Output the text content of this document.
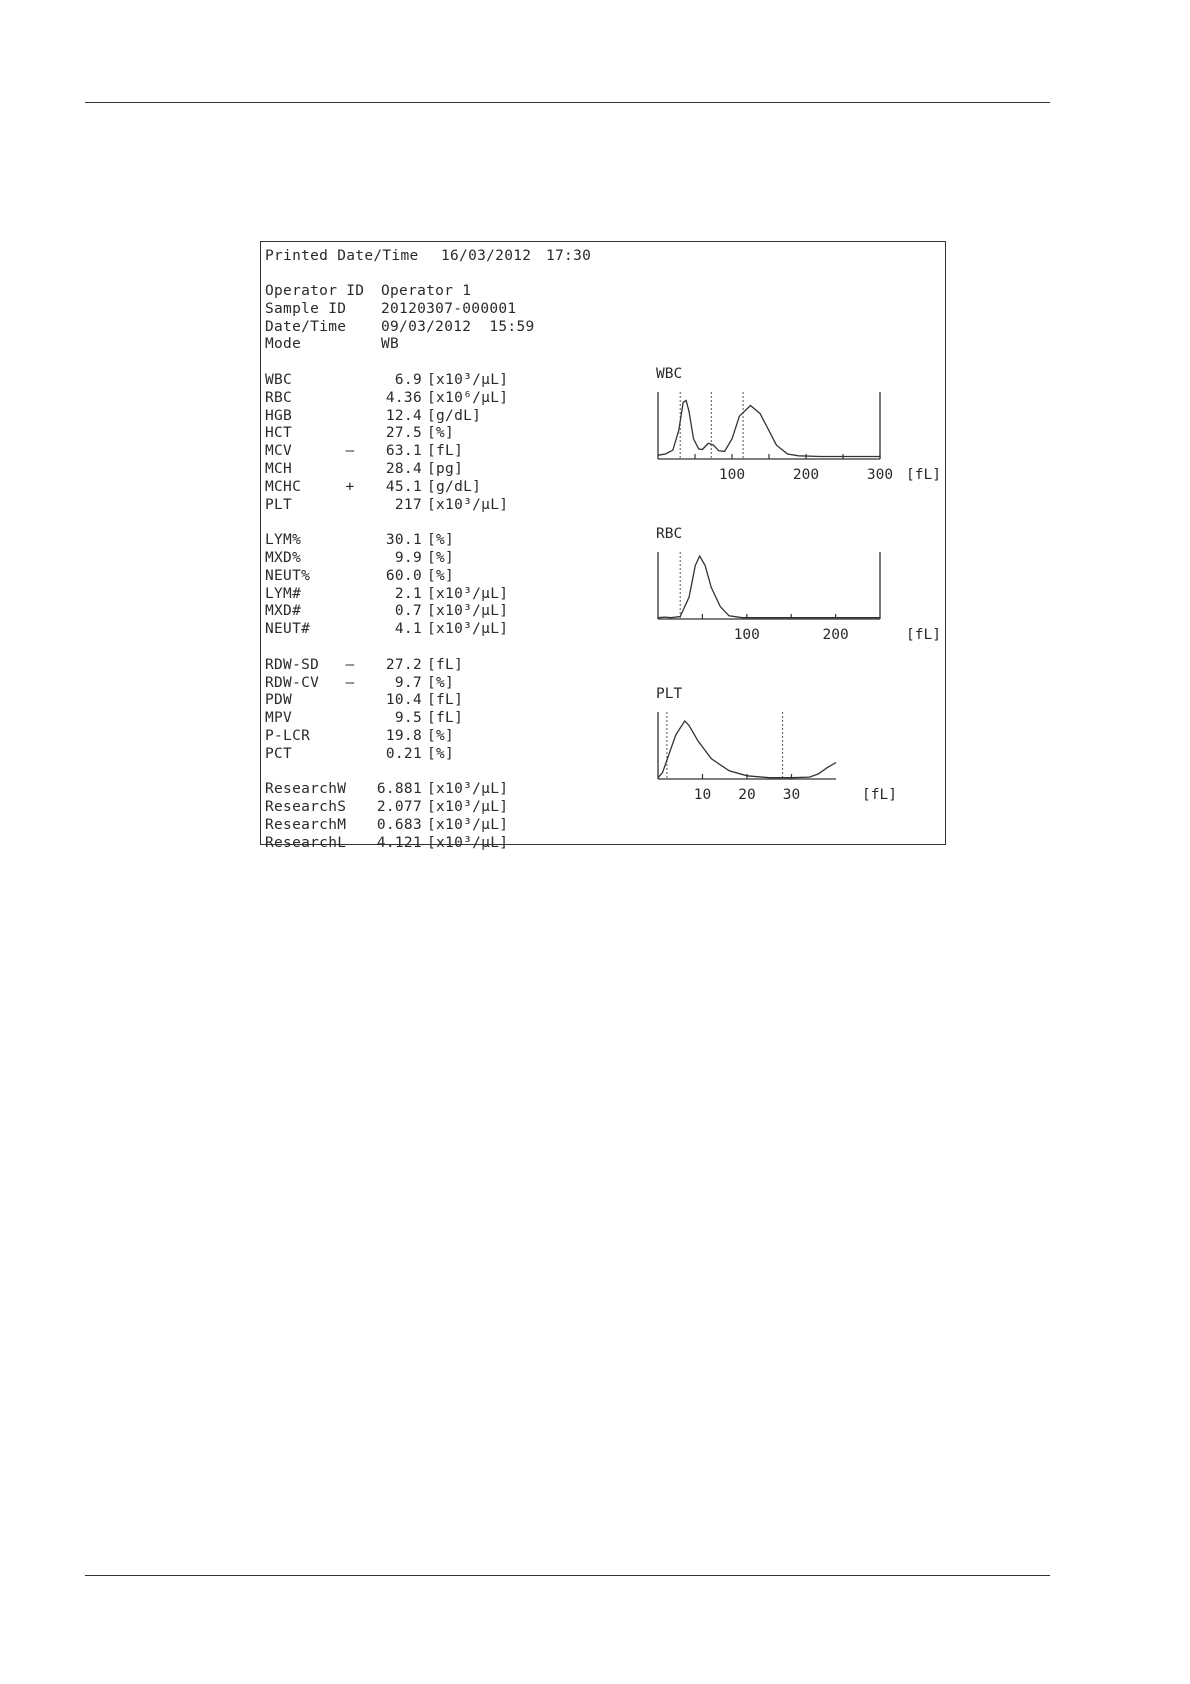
Printed Date/Time 16/03/2012 17:30
Operator ID Operator 1
Sample ID 20120307-000001
Date/Time 09/03/2012  15:59
Mode	WB
WBC	6.9 [x10³/μL]
RBC	4.36 [x10⁶/μL]
HGB	12.4 [g/dL]
HCT	27.5 [%]
MCV	–	63.1 [fL]
MCH	28.4 [pg]
MCHC	+	45.1 [g/dL]
PLT	217 [x10³/μL]
LYM%	30.1 [%]
MXD%	9.9 [%]
NEUT%	60.0 [%]
LYM#	2.1 [x10³/μL]
MXD#	0.7 [x10³/μL]
NEUT#	4.1 [x10³/μL]
RDW-SD –	27.2 [fL]
RDW-CV –	9.7 [%]
PDW	10.4 [fL]
MPV	9.5 [fL]
P-LCR	19.8 [%]
PCT	0.21 [%]
ResearchW	6.881 [x10³/μL]
ResearchS	2.077 [x10³/μL]
ResearchM	0.683 [x10³/μL]
ResearchL	4.121 [x10³/μL]
WBC
100	200	300 [fL]
RBC
100	200	[fL]
PLT
10 20 30	[fL]
